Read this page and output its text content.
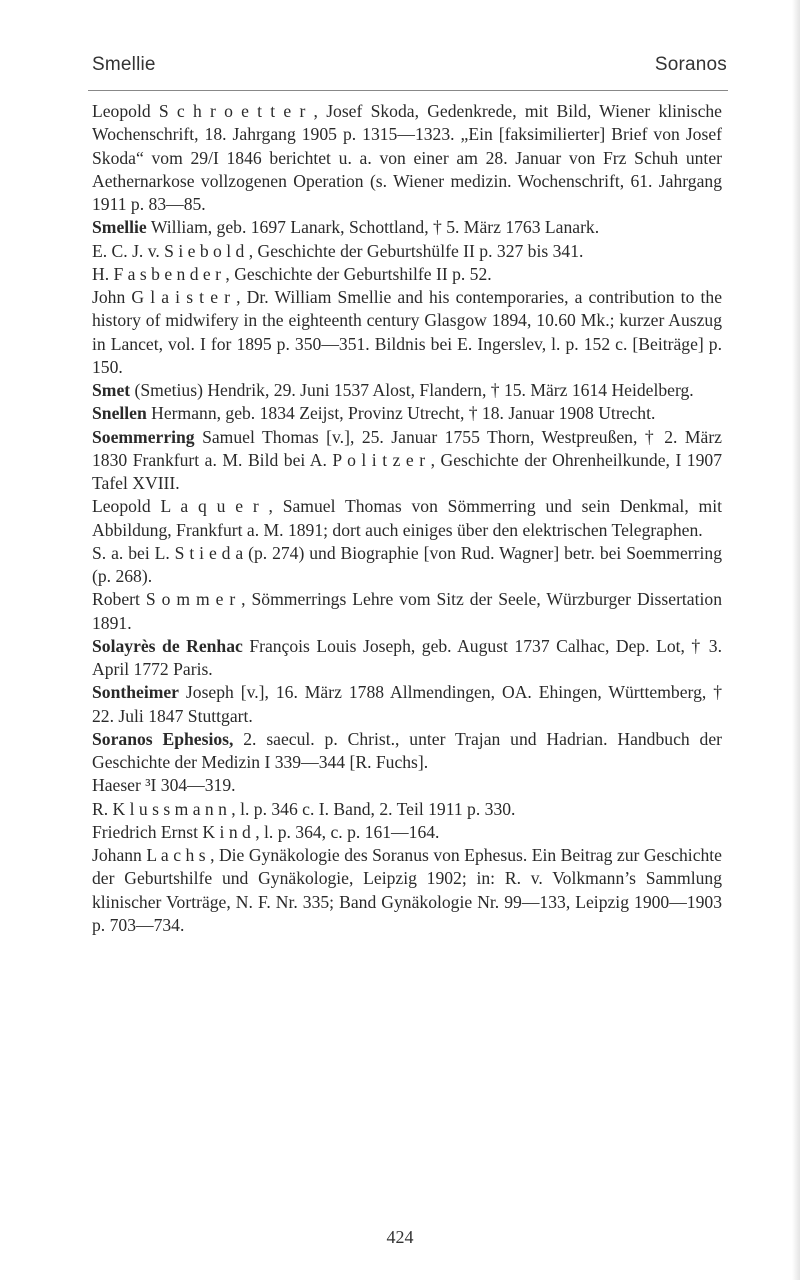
Smellie	Soranos

Leopold S c h r o e t t e r , Josef Skoda, Gedenkrede, mit Bild, Wiener klinische Wochenschrift, 18. Jahrgang 1905 p. 1315—1323. „Ein [faksimilierter] Brief von Josef Skoda“ vom 29/I 1846 berichtet u. a. von einer am 28. Januar von Frz Schuh unter Aethernarkose vollzogenen Operation (s. Wiener medizin. Wochenschrift, 61. Jahrgang 1911 p. 83—85.

Smellie William, geb. 1697 Lanark, Schottland, † 5. März 1763 Lanark.

E. C. J. v. S i e b o l d , Geschichte der Geburtshülfe II p. 327 bis 341.

H. F a s b e n d e r , Geschichte der Geburtshilfe II p. 52.

John G l a i s t e r , Dr. William Smellie and his contemporaries, a contribution to the history of midwifery in the eighteenth century Glasgow 1894, 10.60 Mk.; kurzer Auszug in Lancet, vol. I for 1895 p. 350—351. Bildnis bei E. Ingerslev, l. p. 152 c. [Beiträge] p. 150.

Smet (Smetius) Hendrik, 29. Juni 1537 Alost, Flandern, † 15. März 1614 Heidelberg.

Snellen Hermann, geb. 1834 Zeijst, Provinz Utrecht, † 18. Januar 1908 Utrecht.

Soemmerring Samuel Thomas [v.], 25. Januar 1755 Thorn, Westpreußen, † 2. März 1830 Frankfurt a. M. Bild bei A. P o l i t z e r , Geschichte der Ohrenheilkunde, I 1907 Tafel XVIII.

Leopold L a q u e r , Samuel Thomas von Sömmerring und sein Denkmal, mit Abbildung, Frankfurt a. M. 1891; dort auch einiges über den elektrischen Telegraphen.

S. a. bei L. S t i e d a (p. 274) und Biographie [von Rud. Wagner] betr. bei Soemmerring (p. 268).

Robert S o m m e r , Sömmerrings Lehre vom Sitz der Seele, Würzburger Dissertation 1891.

Solayrès de Renhac François Louis Joseph, geb. August 1737 Calhac, Dep. Lot, † 3. April 1772 Paris.

Sontheimer Joseph [v.], 16. März 1788 Allmendingen, OA. Ehingen, Württemberg, † 22. Juli 1847 Stuttgart.

Soranos Ephesios, 2. saecul. p. Christ., unter Trajan und Hadrian. Handbuch der Geschichte der Medizin I 339—344 [R. Fuchs].

Haeser ³I 304—319.

R. K l u s s m a n n , l. p. 346 c. I. Band, 2. Teil 1911 p. 330.

Friedrich Ernst K i n d , l. p. 364, c. p. 161—164.

Johann L a c h s , Die Gynäkologie des Soranus von Ephesus. Ein Beitrag zur Geschichte der Geburtshilfe und Gynäkologie, Leipzig 1902; in: R. v. Volkmann’s Sammlung klinischer Vorträge, N. F. Nr. 335; Band Gynäkologie Nr. 99—133, Leipzig 1900—1903 p. 703—734.

424
